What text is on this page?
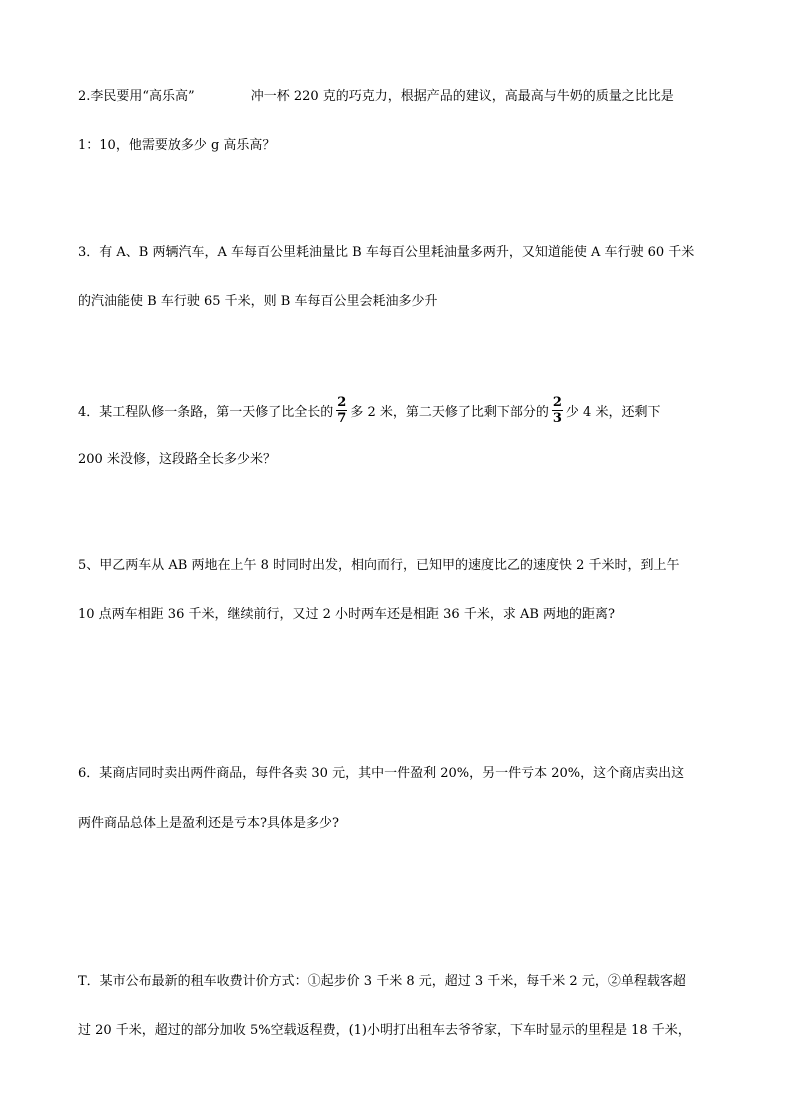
2.李民要用“高乐高”	冲一杯 220 克的巧克力，根据产品的建议，高最高与牛奶的质量之比比是
1：10，他需要放多少 g 高乐高？
3．有 A、B 两辆汽车，A 车每百公里耗油量比 B 车每百公里耗油量多两升，又知道能使 A 车行驶 60 千米
的汽油能使 B 车行驶 65 千米，则 B 车每百公里会耗油多少升
4．某工程队修一条路，第一天修了比全长的 $\frac{2}{7}$ 多 2 米，第二天修了比剩下部分的 $\frac{2}{3}$ 少 4 米，还剩下
200 米没修，这段路全长多少米？
5、甲乙两车从 AB 两地在上午 8 时同时出发，相向而行，已知甲的速度比乙的速度快 2 千米时，到上午
10 点两车相距 36 千米，继续前行，又过 2 小时两车还是相距 36 千米，求 AB 两地的距离?
6．某商店同时卖出两件商品，每件各卖 30 元，其中一件盈利 20%，另一件亏本 20%，这个商店卖出这
两件商品总体上是盈利还是亏本?具体是多少?
T．某市公布最新的租车收费计价方式：①起步价 3 千米 8 元，超过 3 千米，每千米 2 元，②单程载客超
过 20 千米，超过的部分加收 5%空载返程费，(1)小明打出租车去爷爷家，下车时显示的里程是 18 千米，
